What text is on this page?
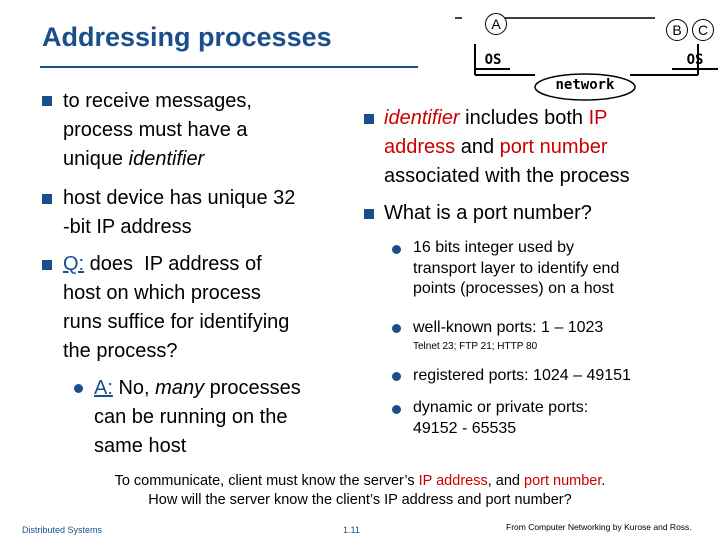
Addressing processes	A	B	C
OS	OS
network
to receive messages,
process must have a
unique identifier
host device has unique 32
-bit IP address
Q: does  IP address of
host on which process
runs suffice for identifying
the process?
A: No, many processes
can be running on the
same host
identifier includes both IP
address and port number
associated with the process
What is a port number?
16 bits integer used by
transport layer to identify end
points (processes) on a host
well-known ports: 1 – 1023
Telnet 23; FTP 21; HTTP 80
registered ports: 1024 – 49151
dynamic or private ports:
49152 - 65535
To communicate, client must know the server’s IP address, and port number.
How will the server know the client’s IP address and port number?
Distributed Systems	1.11	From Computer Networking by Kurose and Ross.
